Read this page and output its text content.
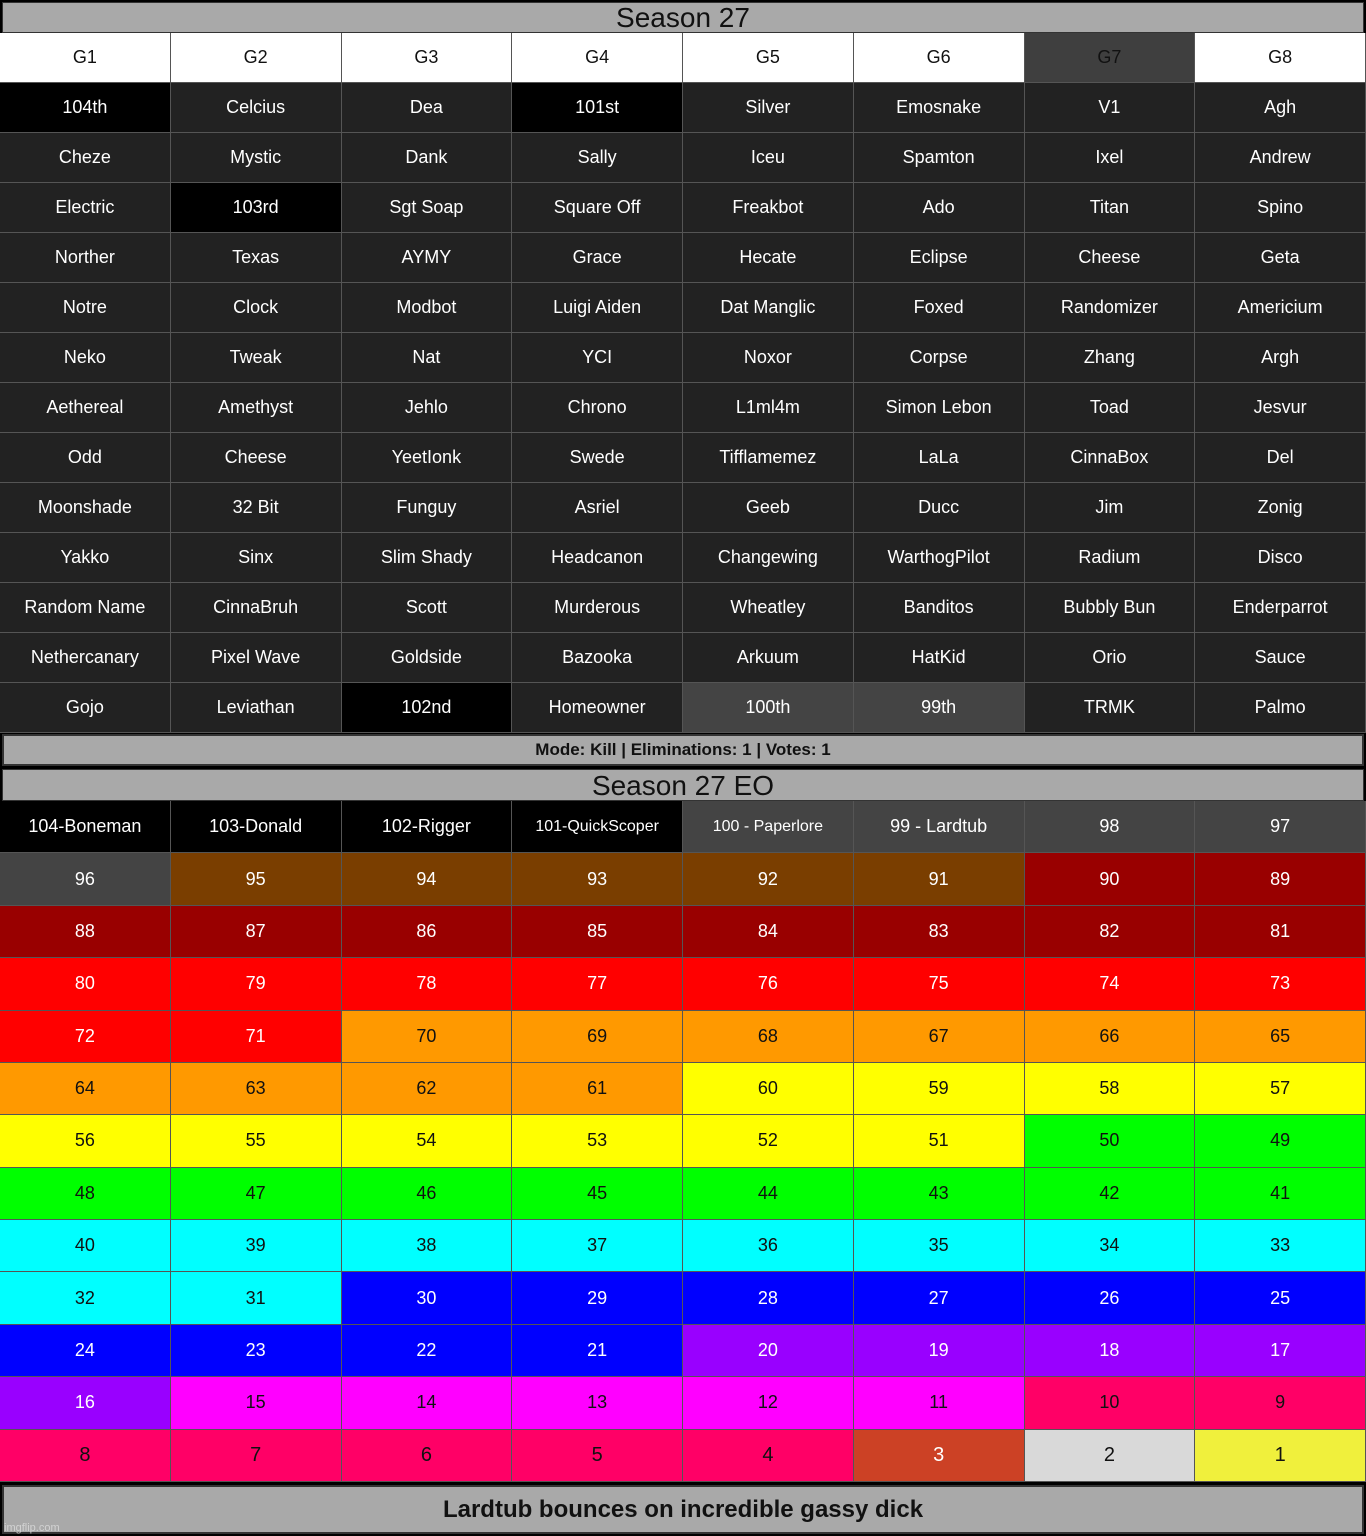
Season 27
G1	G2	G3	G4	G5	G6	G7	G8
104th	Celcius	Dea	101st	Silver	Emosnake	V1	Agh
Cheze	Mystic	Dank	Sally	Iceu	Spamton	Ixel	Andrew
Electric	103rd	Sgt Soap	Square Off	Freakbot	Ado	Titan	Spino
Norther	Texas	AYMY	Grace	Hecate	Eclipse	Cheese	Geta
Notre	Clock	Modbot	Luigi Aiden	Dat Manglic	Foxed	Randomizer	Americium
Neko	Tweak	Nat	YCI	Noxor	Corpse	Zhang	Argh
Aethereal	Amethyst	Jehlo	Chrono	L1ml4m	Simon Lebon	Toad	Jesvur
Odd	Cheese	YeetIonk	Swede	Tifflamemez	LaLa	CinnaBox	Del
Moonshade	32 Bit	Funguy	Asriel	Geeb	Ducc	Jim	Zonig
Yakko	Sinx	Slim Shady	Headcanon	Changewing	WarthogPilot	Radium	Disco
Random Name	CinnaBruh	Scott	Murderous	Wheatley	Banditos	Bubbly Bun	Enderparrot
Nethercanary	Pixel Wave	Goldside	Bazooka	Arkuum	HatKid	Orio	Sauce
Gojo	Leviathan	102nd	Homeowner	100th	99th	TRMK	Palmo
Mode: Kill | Eliminations: 1 | Votes: 1
Season 27 EO
104-Boneman	103-Donald	102-Rigger	101-QuickScoper	100 - Paperlore	99 - Lardtub	98	97
96	95	94	93	92	91	90	89
88	87	86	85	84	83	82	81
80	79	78	77	76	75	74	73
72	71	70	69	68	67	66	65
64	63	62	61	60	59	58	57
56	55	54	53	52	51	50	49
48	47	46	45	44	43	42	41
40	39	38	37	36	35	34	33
32	31	30	29	28	27	26	25
24	23	22	21	20	19	18	17
16	15	14	13	12	11	10	9
8	7	6	5	4	3	2	1
Lardtub bounces on incredible gassy dick
imgflip.com
